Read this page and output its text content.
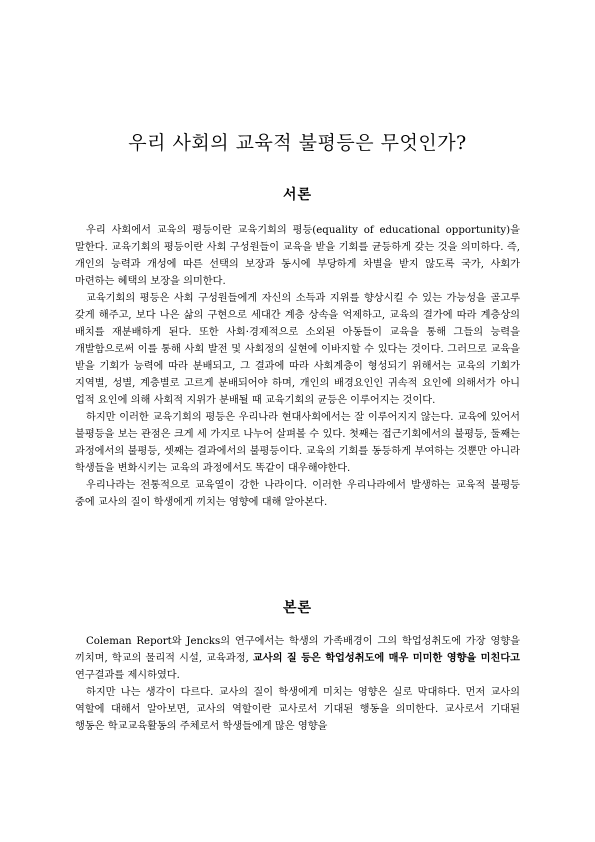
우리 사회의 교육적 불평등은 무엇인가?
서론

우리 사회에서 교육의 평등이란 교육기회의 평등(equality of educational opportunity)을 말한다. 교육기회의 평등이란 사회 구성원들이 교육을 받을 기회를 균등하게 갖는 것을 의미하다. 즉, 개인의 능력과 개성에 따른 선택의 보장과 동시에 부당하게 차별을 받지 않도록 국가, 사회가 마련하는 혜택의 보장을 의미한다.

교육기회의 평등은 사회 구성원들에게 자신의 소득과 지위를 향상시킬 수 있는 가능성을 골고루 갖게 해주고, 보다 나은 삶의 구현으로 세대간 계층 상속을 억제하고, 교육의 결가에 따라 계층상의 배치를 재분배하게 된다. 또한 사회·경제적으로 소외된 아동들이 교육을 통해 그들의 능력을 개발함으로써 이를 통해 사회 발전 및 사회정의 실현에 이바지할 수 있다는 것이다. 그러므로 교육을 받을 기회가 능력에 따라 분배되고, 그 결과에 따라 사회계층이 형성되기 위해서는 교육의 기회가 지역별, 성별, 계층별로 고르게 분배되어야 하며, 개인의 배경요인인 귀속적 요인에 의해서가 아니 업적 요인에 의해 사회적 지위가 분배될 때 교육기회의 균등은 이루어지는 것이다.

하지만 이러한 교육기회의 평등은 우리나라 현대사회에서는 잘 이루어지지 않는다. 교육에 있어서 불평등을 보는 관점은 크게 세 가지로 나누어 살펴볼 수 있다. 첫째는 접근기회에서의 불평등, 둘째는 과정에서의 불평등, 셋째는 결과에서의 불평등이다. 교육의 기회를 동등하게 부여하는 것뿐만 아니라 학생들을 변화시키는 교육의 과정에서도 똑같이 대우해야한다.

우리나라는 전통적으로 교육열이 강한 나라이다. 이러한 우리나라에서 발생하는 교육적 불평등 중에 교사의 질이 학생에게 끼치는 영향에 대해 알아본다.

본론

Coleman Report와 Jencks의 연구에서는 학생의 가족배경이 그의 학업성취도에 가장 영향을 끼치며, 학교의 물리적 시설, 교육과정, 교사의 질 등은 학업성취도에 매우 미미한 영향을 미친다고 연구결과를 제시하였다.

하지만 나는 생각이 다르다. 교사의 질이 학생에게 미치는 영향은 실로 막대하다. 먼저 교사의 역할에 대해서 알아보면, 교사의 역할이란 교사로서 기대된 행동을 의미한다. 교사로서 기대된 행동은 학교교육활동의 주체로서 학생들에게 많은 영향을
